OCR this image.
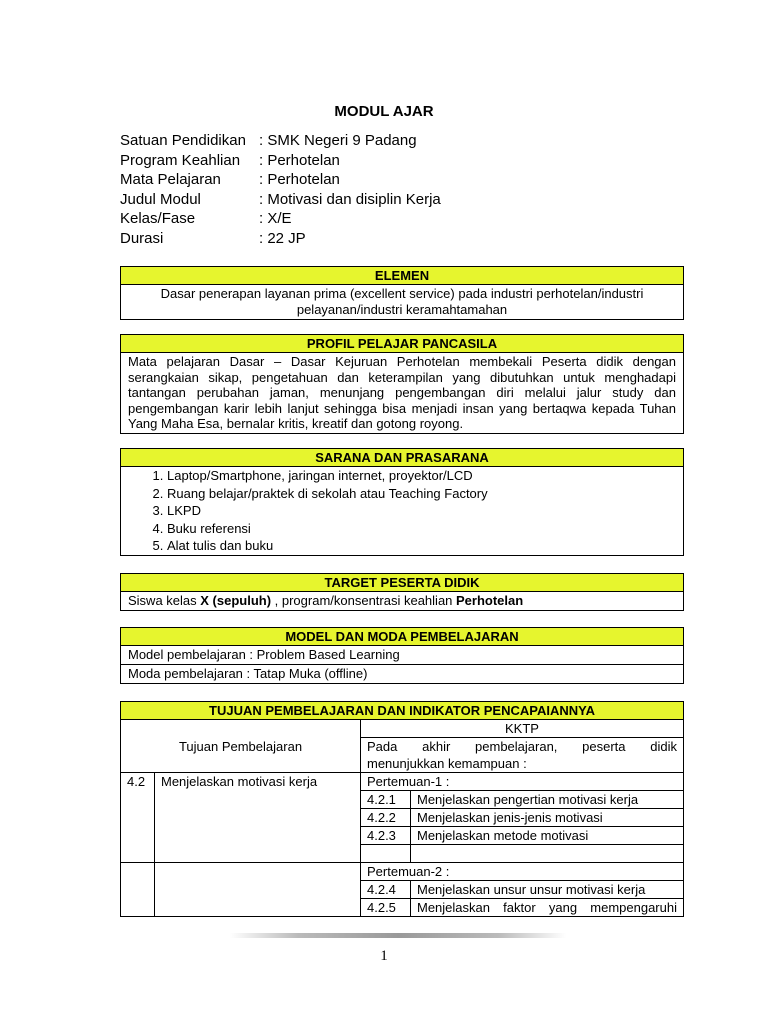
MODUL AJAR
Satuan Pendidikan : SMK Negeri 9 Padang
Program Keahlian	: Perhotelan
Mata Pelajaran	: Perhotelan
Judul Modul	: Motivasi dan disiplin Kerja
Kelas/Fase	: X/E
Durasi	: 22 JP
ELEMEN
Dasar penerapan layanan prima (excellent service) pada industri perhotelan/industri pelayanan/industri keramahtamahan
PROFIL PELAJAR PANCASILA
Mata pelajaran Dasar – Dasar Kejuruan Perhotelan membekali Peserta didik dengan serangkaian sikap, pengetahuan dan keterampilan yang dibutuhkan untuk menghadapi tantangan perubahan jaman, menunjang pengembangan diri melalui jalur study dan pengembangan karir lebih lanjut sehingga bisa menjadi insan yang bertaqwa kepada Tuhan Yang Maha Esa, bernalar kritis, kreatif dan gotong royong.
SARANA DAN PRASARANA
1. Laptop/Smartphone, jaringan internet, proyektor/LCD
2. Ruang belajar/praktek di sekolah atau Teaching Factory
3. LKPD
4. Buku referensi
5. Alat tulis dan buku
TARGET PESERTA DIDIK
Siswa kelas X (sepuluh) , program/konsentrasi keahlian Perhotelan
MODEL DAN MODA PEMBELAJARAN
Model pembelajaran : Problem Based Learning
Moda pembelajaran : Tatap Muka (offline)
TUJUAN PEMBELAJARAN DAN INDIKATOR PENCAPAIANNYA			
Tujuan Pembelajaran		KKTP	

		Pada akhir pembelajaran, peserta didik
menunjukkan kemampuan :	

4.2	Menjelaskan motivasi kerja	Pertemuan-1 :	
		4.2.1	Menjelaskan pengertian motivasi kerja
		4.2.2	Menjelaskan jenis-jenis motivasi
		4.2.3	Menjelaskan metode motivasi

		Pertemuan-2 :	
		4.2.4	Menjelaskan unsur unsur motivasi kerja
		4.2.5	Menjelaskan faktor yang mempengaruhi
1
